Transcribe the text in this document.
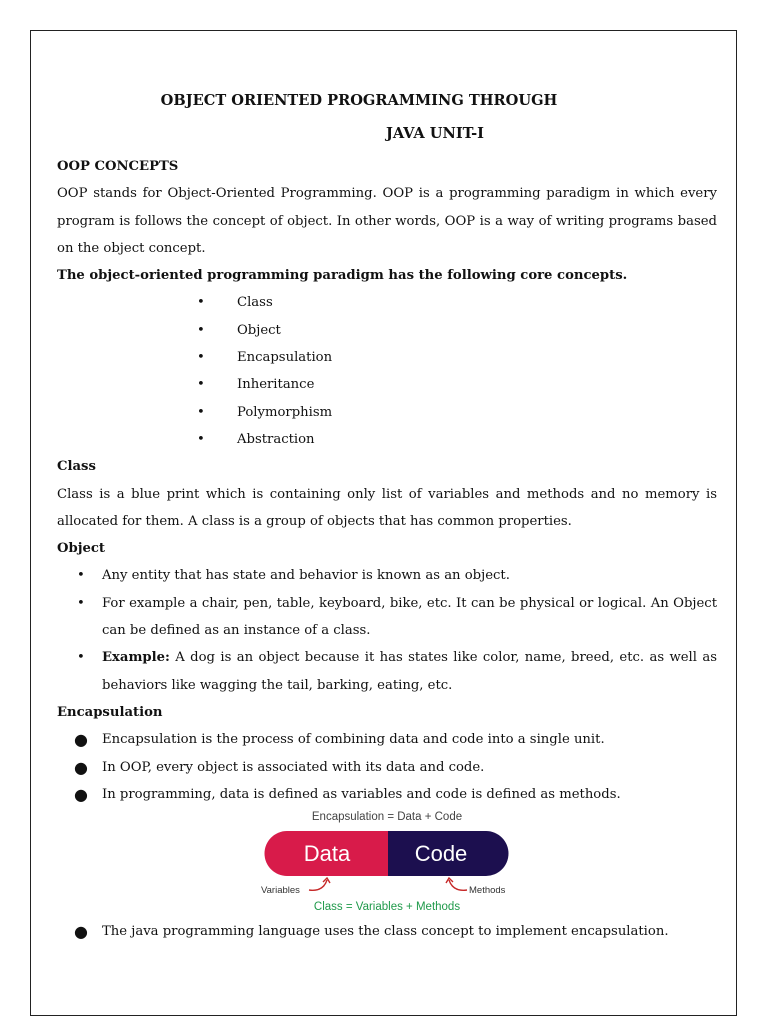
OBJECT ORIENTED PROGRAMMING THROUGH

JAVA UNIT-I

OOP CONCEPTS

OOP stands for Object-Oriented Programming. OOP is a programming paradigm in which every program is follows the concept of object. In other words, OOP is a way of writing programs based on the object concept.

The object-oriented programming paradigm has the following core concepts.

• Class
• Object
• Encapsulation
• Inheritance
• Polymorphism
• Abstraction

Class

Class is a blue print which is containing only list of variables and methods and no memory is allocated for them. A class is a group of objects that has common properties.

Object

• Any entity that has state and behavior is known as an object.
• For example a chair, pen, table, keyboard, bike, etc. It can be physical or logical. An Object can be defined as an instance of a class.
• Example: A dog is an object because it has states like color, name, breed, etc. as well as behaviors like wagging the tail, barking, eating, etc.

Encapsulation

● Encapsulation is the process of combining data and code into a single unit.
● In OOP, every object is associated with its data and code.
● In programming, data is defined as variables and code is defined as methods.
Encapsulation = Data + Code
Data	Code
Variables	Methods
Class = Variables + Methods
● The java programming language uses the class concept to implement encapsulation.
